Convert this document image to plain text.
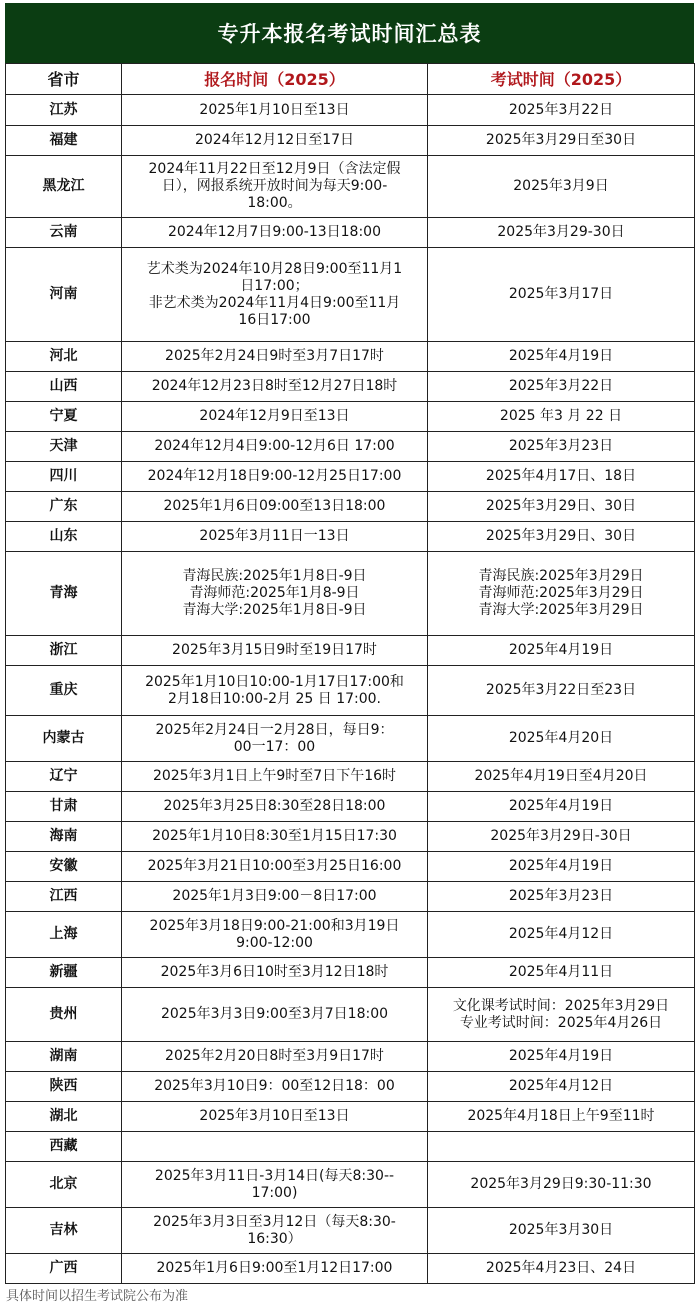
专升本报名考试时间汇总表
省市	报名时间（2025）	考试时间（2025）
江苏	2025年1月10日至13日	2025年3月22日
福建	2024年12月12日至17日	2025年3月29日至30日
黑龙江	2024年11月22日至12月9日（含法定假
日），网报系统开放时间为每天9:00-
18:00。	2025年3月9日
云南	2024年12月7日9:00-13日18:00	2025年3月29-30日
河南	艺术类为2024年10月28日9:00至11月1
日17:00；
非艺术类为2024年11月4日9:00至11月
16日17:00	2025年3月17日
河北	2025年2月24日9时至3月7日17时	2025年4月19日
山西	2024年12月23日8时至12月27日18时	2025年3月22日
宁夏	2024年12月9日至13日	2025 年3 月 22 日
天津	2024年12月4日9:00-12月6日 17:00	2025年3月23日
四川	2024年12月18日9:00-12月25日17:00	2025年4月17日、18日
广东	2025年1月6日09:00至13日18:00	2025年3月29日、30日
山东	2025年3月11日一13日	2025年3月29日、30日
青海	青海民族:2025年1月8日-9日
青海师范:2025年1月8-9日
青海大学:2025年1月8日-9日	青海民族:2025年3月29日
青海师范:2025年3月29日
青海大学:2025年3月29日
浙江	2025年3月15日9时至19日17时	2025年4月19日
重庆	2025年1月10日10:00-1月17日17:00和
2月18日10:00-2月 25 日 17:00.	2025年3月22日至23日
内蒙古	2025年2月24日一2月28日，每日9：
00一17：00	2025年4月20日
辽宁	2025年3月1日上午9时至7日下午16时	2025年4月19日至4月20日
甘肃	2025年3月25日8:30至28日18:00	2025年4月19日
海南	2025年1月10日8:30至1月15日17:30	2025年3月29日-30日
安徽	2025年3月21日10:00至3月25日16:00	2025年4月19日
江西	2025年1月3日9:00－8日17:00	2025年3月23日
上海	2025年3月18日9:00-21:00和3月19日
9:00-12:00	2025年4月12日
新疆	2025年3月6日10时至3月12日18时	2025年4月11日
贵州	2025年3月3日9:00至3月7日18:00	文化课考试时间：2025年3月29日
专业考试时间：2025年4月26日
湖南	2025年2月20日8时至3月9日17时	2025年4月19日
陕西	2025年3月10日9：00至12日18：00	2025年4月12日
湖北	2025年3月10日至13日	2025年4月18日上午9至11时
西藏		
北京	2025年3月11日-3月14日(每天8:30--
17:00)	2025年3月29日9:30-11:30
吉林	2025年3月3日至3月12日（每天8:30-
16:30）	2025年3月30日
广西	2025年1月6日9:00至1月12日17:00	2025年4月23日、24日
具体时间以招生考试院公布为准
